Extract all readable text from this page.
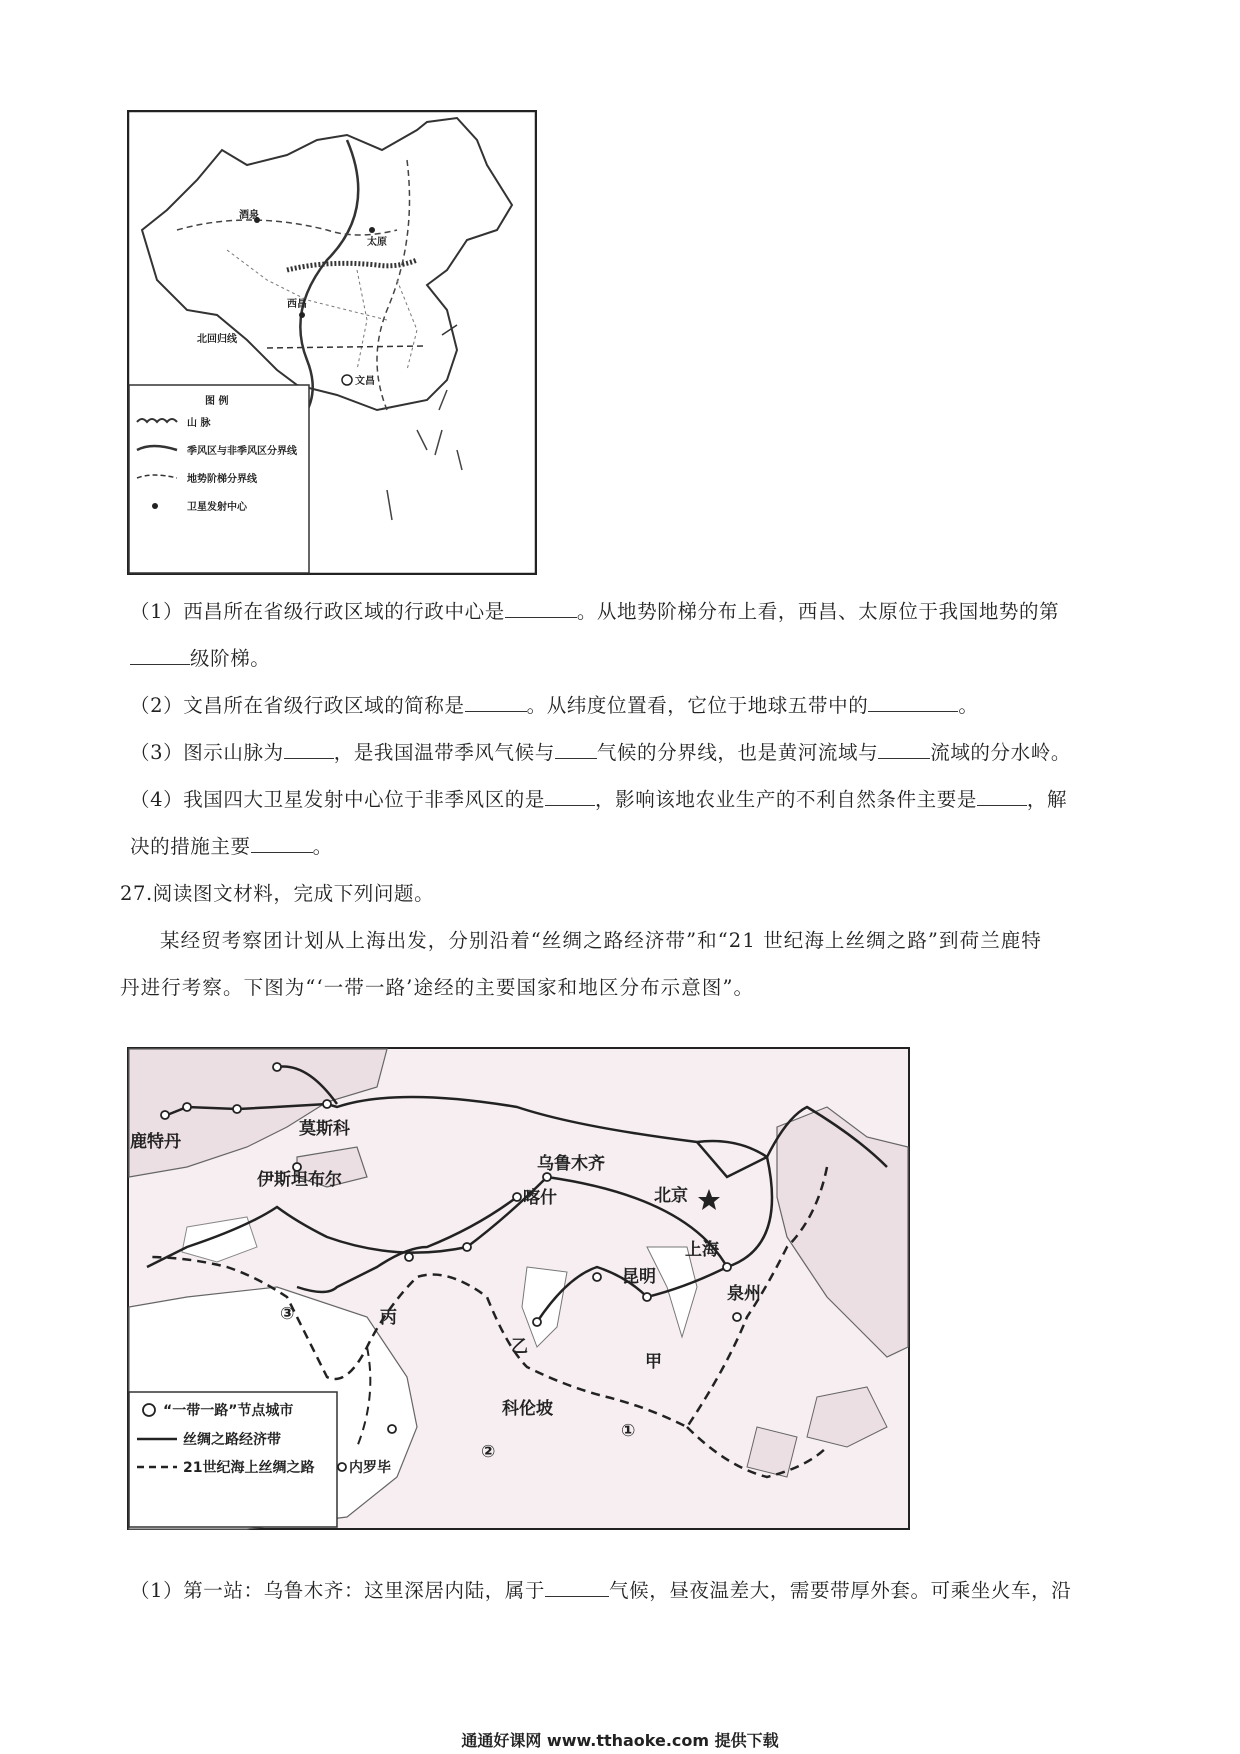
酒泉
太原
西昌
文昌
北回归线
图 例
山 脉
季风区与非季风区分界线
地势阶梯分界线
卫星发射中心
（1）西昌所在省级行政区域的行政中心是	。从地势阶梯分布上看，西昌、太原位于我国地势的第
级阶梯。
（2）文昌所在省级行政区域的简称是	。从纬度位置看，它位于地球五带中的	。
（3）图示山脉为	，是我国温带季风气候与 气候的分界线，也是黄河流域与	流域的分水岭。
（4）我国四大卫星发射中心位于非季风区的是	，影响该地农业生产的不利自然条件主要是	，解
决的措施主要	。
27.阅读图文材料，完成下列问题。
某经贸考察团计划从上海出发，分别沿着“丝绸之路经济带”和“21 世纪海上丝绸之路”到荷兰鹿特
丹进行考察。下图为“‘一带一路’途经的主要国家和地区分布示意图”。
莫斯科
鹿特丹
乌鲁木齐
伊斯坦布尔
喀什	北京
上海
昆明
泉州
丙
乙
甲
科伦坡
③
②
①
“一带一路”节点城市
丝绸之路经济带
21世纪海上丝绸之路 内罗毕
（1）第一站：乌鲁木齐：这里深居内陆，属于	气候，昼夜温差大，需要带厚外套。可乘坐火车，沿
通通好课网 www.tthaoke.com 提供下载
